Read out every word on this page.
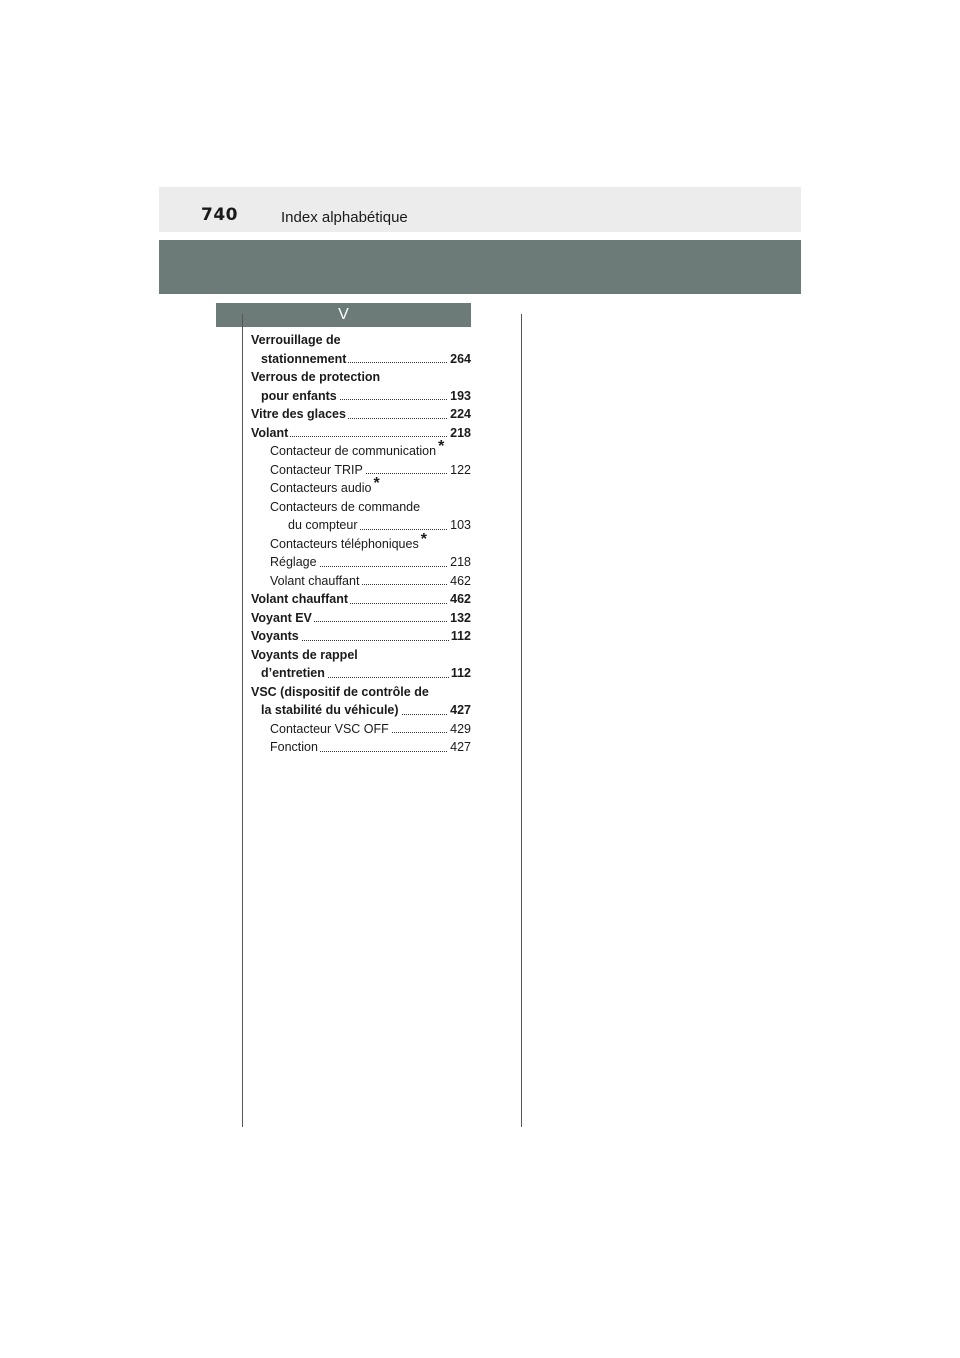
740	Index alphabétique
V
Verrouillage de
stationnement	264
Verrous de protection
pour enfants	193
Vitre des glaces	224
Volant	218
Contacteur de communication *
Contacteur TRIP	122
Contacteurs audio *
Contacteurs de commande
du compteur	103
Contacteurs téléphoniques *
Réglage	218
Volant chauffant	462
Volant chauffant	462
Voyant EV	132
Voyants	112
Voyants de rappel
d’entretien	112
VSC (dispositif de contrôle de
la stabilité du véhicule)	427
Contacteur VSC OFF	429
Fonction	427
